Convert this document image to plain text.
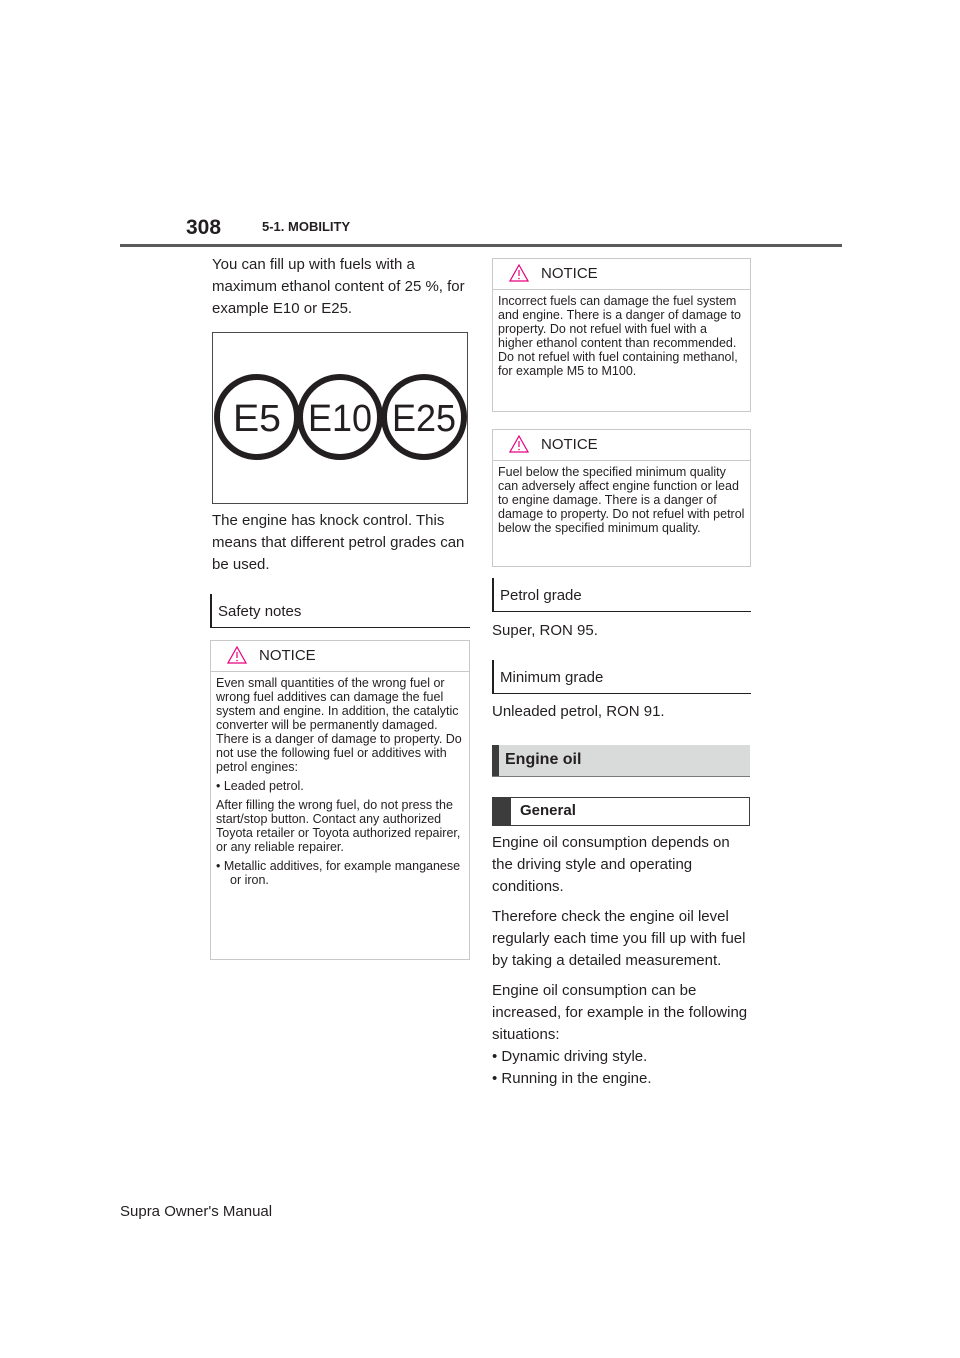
308	5-1. MOBILITY

You can fill up with fuels with a maximum ethanol content of 25 %, for example E10 or E25.

E5 E10 E25

The engine has knock control. This means that different petrol grades can be used.

Safety notes
NOTICE

Even small quantities of the wrong fuel or wrong fuel additives can damage the fuel system and engine. In addition, the catalytic converter will be permanently damaged. There is a danger of damage to property. Do not use the following fuel or additives with petrol engines:

• Leaded petrol.

After filling the wrong fuel, do not press the start/stop button. Contact any authorized Toyota retailer or Toyota authorized repairer, or any reliable repairer.

• Metallic additives, for example manganese or iron.

NOTICE

Incorrect fuels can damage the fuel system and engine. There is a danger of damage to property. Do not refuel with fuel with a higher ethanol content than recommended. Do not refuel with fuel containing methanol, for example M5 to M100.

NOTICE

Fuel below the specified minimum quality can adversely affect engine function or lead to engine damage. There is a danger of damage to property. Do not refuel with petrol below the specified minimum quality.

Petrol grade
Super, RON 95.
Minimum grade
Unleaded petrol, RON 91.
Engine oil
General

Engine oil consumption depends on the driving style and operating conditions.

Therefore check the engine oil level regularly each time you fill up with fuel by taking a detailed measurement.

Engine oil consumption can be increased, for example in the following situations:

• Dynamic driving style.

• Running in the engine.

Supra Owner's Manual
